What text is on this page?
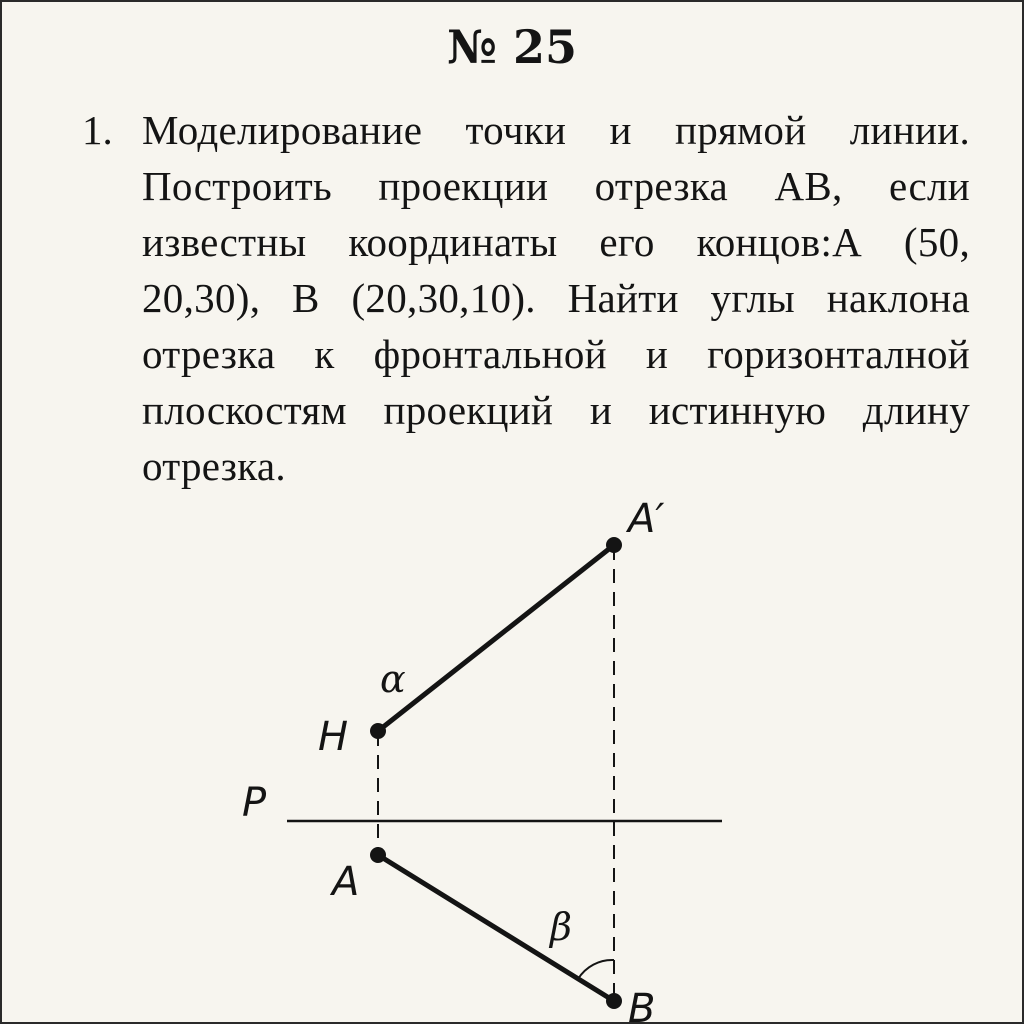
№ 25
1. Моделирование точки и прямой линии. Построить проекции отрезка АВ, если известны координаты его концов:А (50, 20,30), В (20,30,10). Найти углы наклона отрезка к фронтальной и горизонталной плоскостям проекций и истинную длину отрезка.
A′
H
P
A
B
α
β
